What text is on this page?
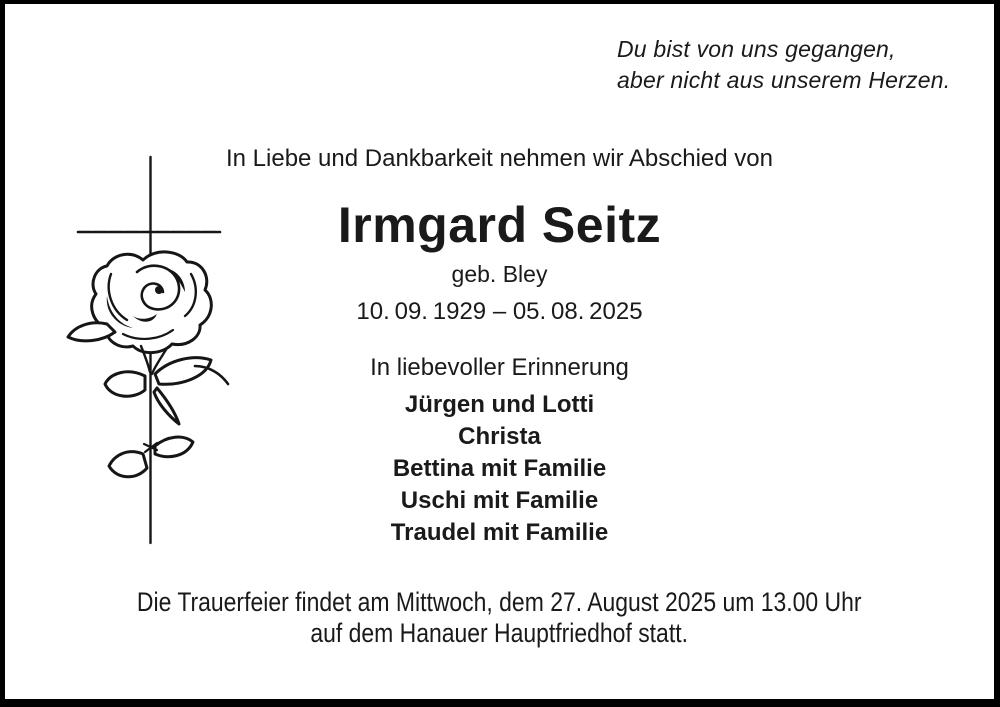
Du bist von uns gegangen,
aber nicht aus unserem Herzen.
In Liebe und Dankbarkeit nehmen wir Abschied von
Irmgard Seitz
geb. Bley
10. 09. 1929 – 05. 08. 2025
In liebevoller Erinnerung
Jürgen und Lotti
Christa
Bettina mit Familie
Uschi mit Familie
Traudel mit Familie
Die Trauerfeier findet am Mittwoch, dem 27. August 2025 um 13.00 Uhr
auf dem Hanauer Hauptfriedhof statt.
